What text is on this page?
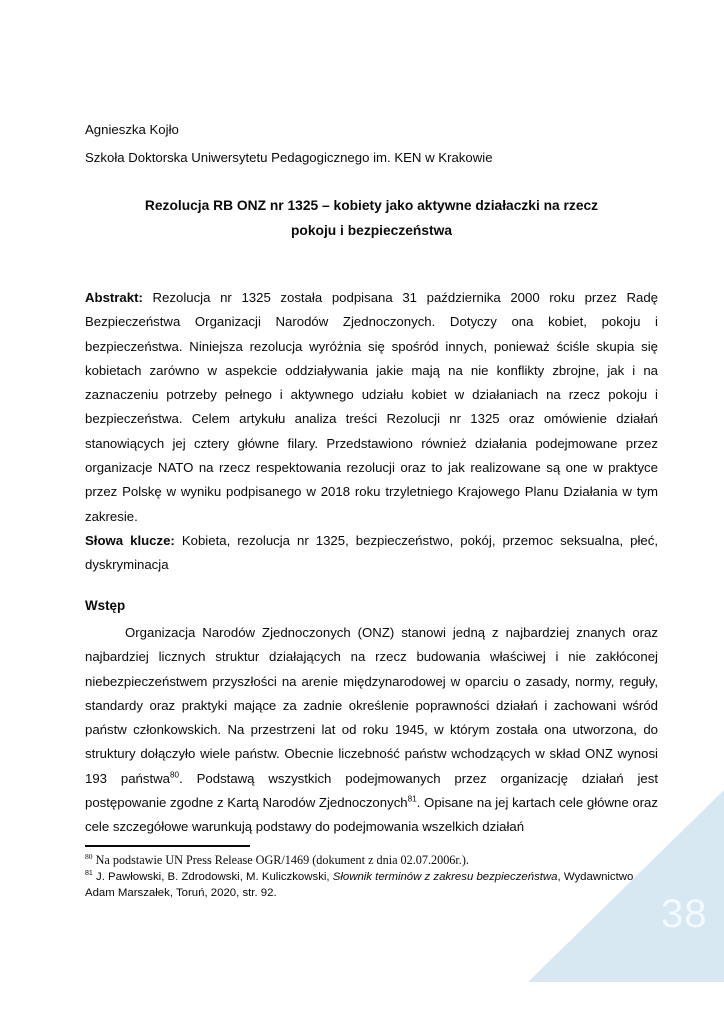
Agnieszka Kojło
Szkoła Doktorska Uniwersytetu Pedagogicznego im. KEN w Krakowie
Rezolucja RB ONZ nr 1325 – kobiety jako aktywne działaczki na rzecz
pokoju i bezpieczeństwa

Abstrakt: Rezolucja nr 1325 została podpisana 31 października 2000 roku przez Radę Bezpieczeństwa Organizacji Narodów Zjednoczonych. Dotyczy ona kobiet, pokoju i bezpieczeństwa. Niniejsza rezolucja wyróżnia się spośród innych, ponieważ ściśle skupia się kobietach zarówno w aspekcie oddziaływania jakie mają na nie konflikty zbrojne, jak i na zaznaczeniu potrzeby pełnego i aktywnego udziału kobiet w działaniach na rzecz pokoju i bezpieczeństwa. Celem artykułu analiza treści Rezolucji nr 1325 oraz omówienie działań stanowiących jej cztery główne filary. Przedstawiono również działania podejmowane przez organizacje NATO na rzecz respektowania rezolucji oraz to jak realizowane są one w praktyce przez Polskę w wyniku podpisanego w 2018 roku trzyletniego Krajowego Planu Działania w tym zakresie.

Słowa klucze: Kobieta, rezolucja nr 1325, bezpieczeństwo, pokój, przemoc seksualna, płeć, dyskryminacja

Wstęp

Organizacja Narodów Zjednoczonych (ONZ) stanowi jedną z najbardziej znanych oraz najbardziej licznych struktur działających na rzecz budowania właściwej i nie zakłóconej niebezpieczeństwem przyszłości na arenie międzynarodowej w oparciu o zasady, normy, reguły, standardy oraz praktyki mające za zadnie określenie poprawności działań i zachowani wśród państw członkowskich. Na przestrzeni lat od roku 1945, w którym została ona utworzona, do struktury dołączyło wiele państw. Obecnie liczebność państw wchodzących w skład ONZ wynosi 193 państwa$^{80}$. Podstawą wszystkich podejmowanych przez organizację działań jest postępowanie zgodne z Kartą Narodów Zjednoczonych$^{81}$. Opisane na jej kartach cele główne oraz cele szczegółowe warunkują podstawy do podejmowania wszelkich działań

$^{80}$ Na podstawie UN Press Release OGR/1469 (dokument z dnia 02.07.2006r.).

$^{81}$ J. Pawłowski, B. Zdrodowski, M. Kuliczkowski, Słownik terminów z zakresu bezpieczeństwa, Wydawnictwo Adam Marszałek, Toruń, 2020, str. 92.	38
